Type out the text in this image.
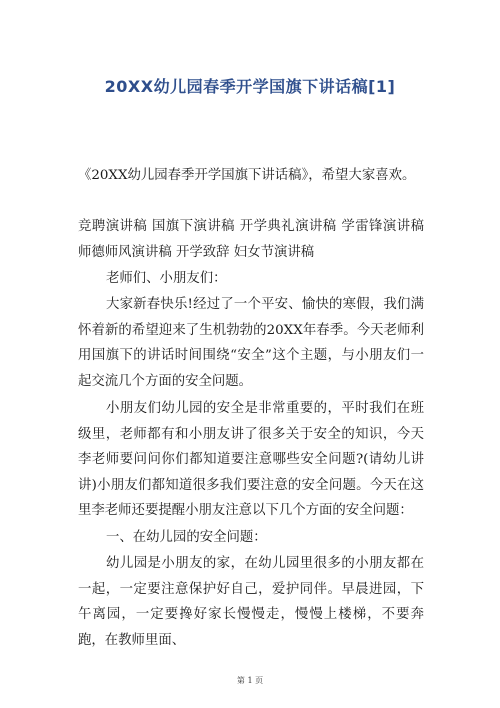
20XX幼儿园春季开学国旗下讲话稿[1]
《20XX幼儿园春季开学国旗下讲话稿》，希望大家喜欢。
竞聘演讲稿 国旗下演讲稿 开学典礼演讲稿 学雷锋演讲稿 师德师风演讲稿 开学致辞 妇女节演讲稿
老师们、小朋友们：
大家新春快乐!经过了一个平安、愉快的寒假，我们满怀着新的希望迎来了生机勃勃的20XX年春季。今天老师利用国旗下的讲话时间围绕“安全”这个主题，与小朋友们一起交流几个方面的安全问题。
小朋友们幼儿园的安全是非常重要的，平时我们在班级里，老师都有和小朋友讲了很多关于安全的知识，今天李老师要问问你们都知道要注意哪些安全问题?(请幼儿讲讲)小朋友们都知道很多我们要注意的安全问题。今天在这里李老师还要提醒小朋友注意以下几个方面的安全问题：
一、在幼儿园的安全问题：
幼儿园是小朋友的家，在幼儿园里很多的小朋友都在一起，一定要注意保护好自己，爱护同伴。早晨进园，下午离园，一定要搀好家长慢慢走，慢慢上楼梯，不要奔跑，在教师里面、
第 1 页
